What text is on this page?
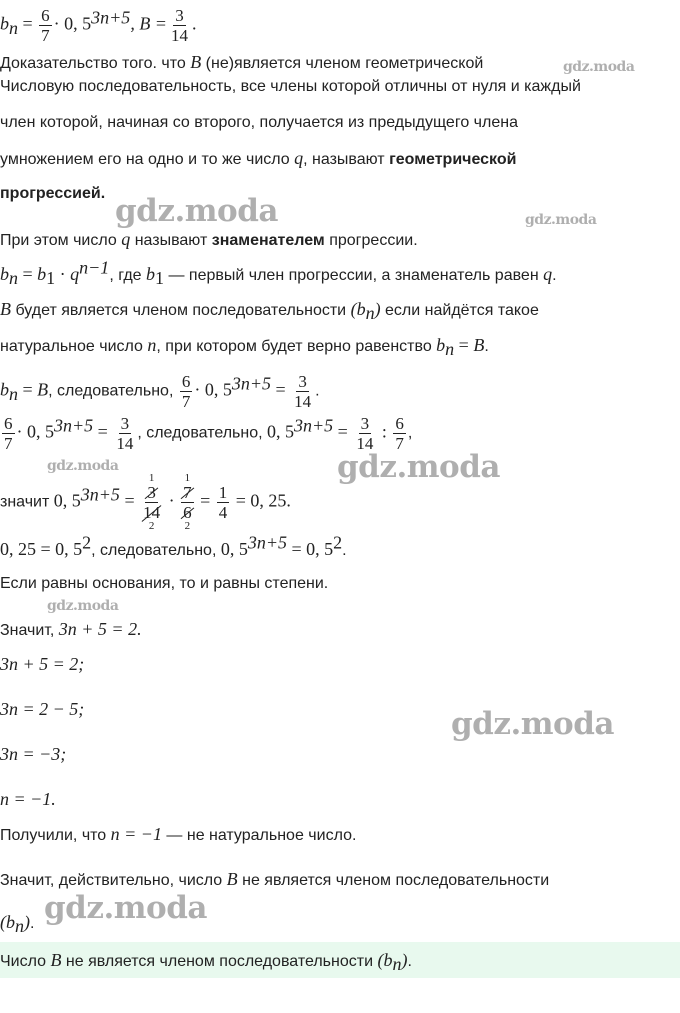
$b_n = \frac{6}{7} \cdot 0$, $5^{3n+5}$, $B = \frac{3}{14}$ .
Доказательство того. что B (не)является членом геометрической
Числовую последовательность, все члены которой отличны от нуля и каждый
член которой, начиная со второго, получается из предыдущего члена
умножением его на одно и то же число q, называют геометрической
прогрессией.
При этом число q называют знаменателем прогрессии.
$b_n = b_1 \cdot q^{n-1}$, где $b_1$ — первый член прогрессии, а знаменатель равен q.
B будет является членом последовательности $(b_n)$ если найдётся такое
натуральное число n, при котором будет верно равенство $b_n = B$.
$b_n = B$, следовательно, $\frac{6}{7} \cdot 0$, $5^{3n+5} = \frac{3}{14}$ .
$\frac{6}{7} \cdot 0$, $5^{3n+5} = \frac{3}{14}$ , следовательно, 0, $5^{3n+5} = \frac{3}{14}$ : $\frac{6}{7}$ ,
значит 0, $5^{3n+5} = 3$
1
14
2 · 7
1
6
$2 = \frac{1}{4} = 0$, 25.
0, 25 = 0, $5^2$, следовательно, 0, $5^{3n+5} = 0$, $5^2$.
Если равны основания, то и равны степени.
Значит, 3n + 5 = 2.
3n + 5 = 2;
3n = 2 − 5;
3n = −3;
n = −1.
Получили, что n = −1 — не натуральное число.
Значит, действительно, число B не является членом последовательности
$(b_n)$.
Число B не является членом последовательности $(b_n)$.
gdz.moda
gdz.moda	gdz.moda
gdz.moda	gdz.moda
gdz.moda
gdz.moda
gdz.moda
